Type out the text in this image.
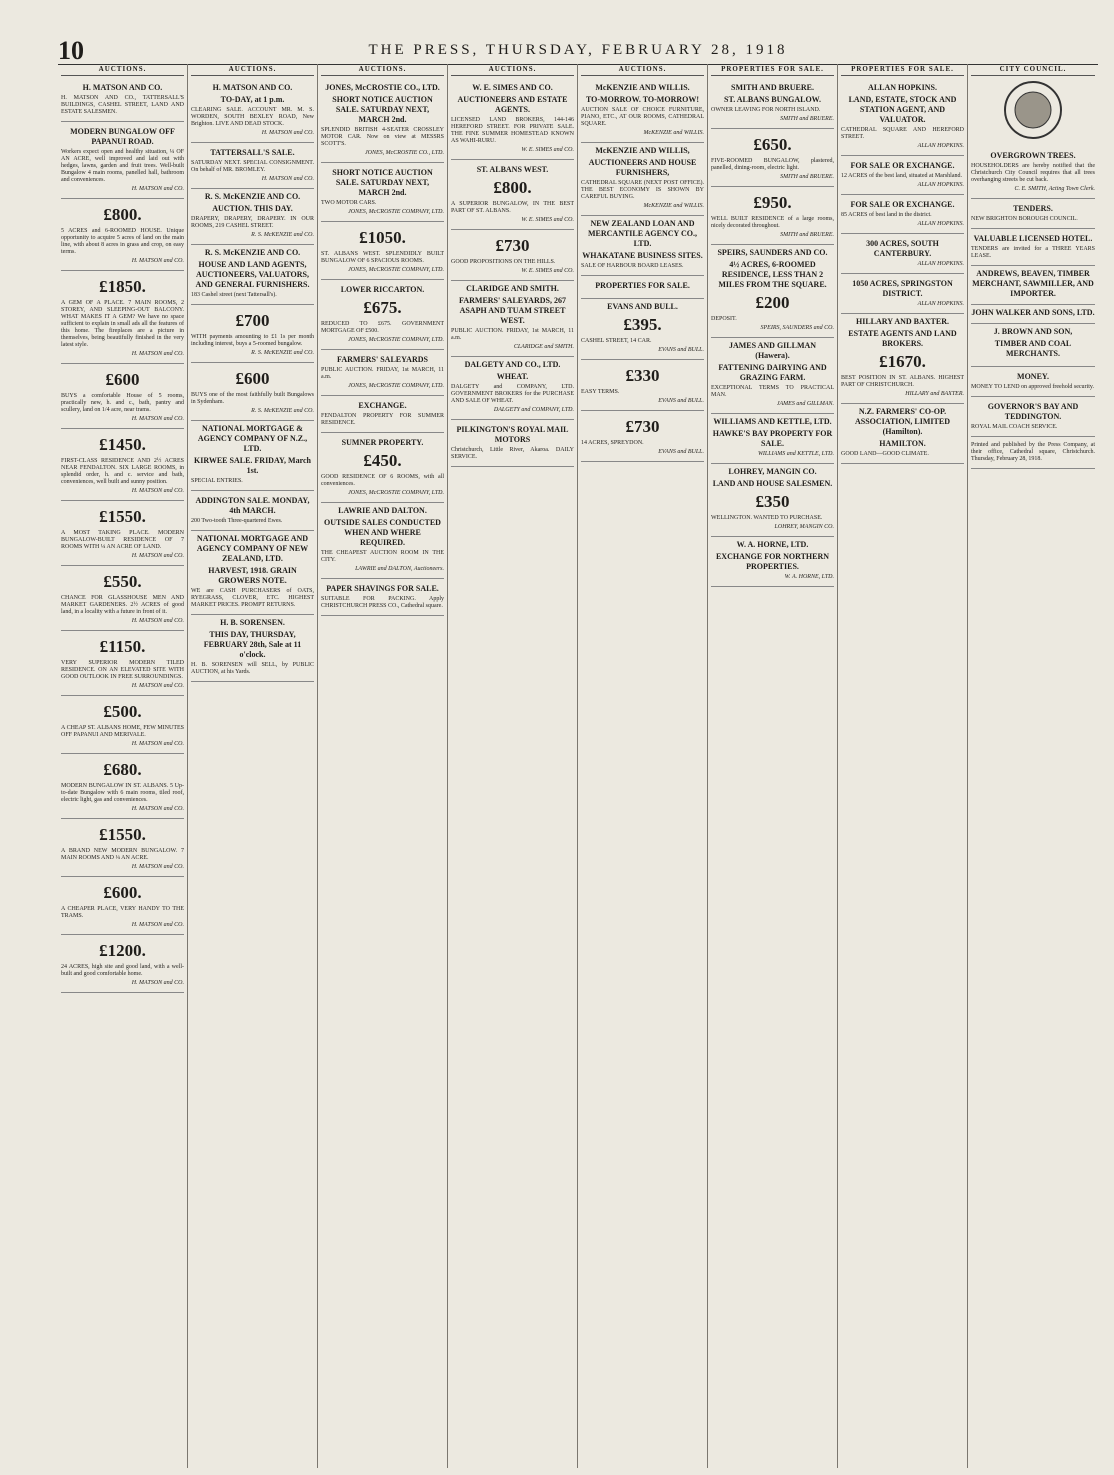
10	THE PRESS, THURSDAY, FEBRUARY 28, 1918
AUCTIONS.
H. MATSON AND CO.
H. MATSON AND CO., TATTERSALL'S BUILDINGS, CASHEL STREET, LAND AND ESTATE SALESMEN.
MODERN BUNGALOW OFF PAPANUI ROAD.
Workers expect open and healthy situation, ¼ OF AN ACRE, well improved and laid out with hedges, lawns, garden and fruit trees. Well-built Bungalow 4 main rooms, panelled hall, bathroom and conveniences.
H. MATSON and CO.
£800.
5 ACRES and 6-ROOMED HOUSE. Unique opportunity to acquire 5 acres of land on the main line, with about 8 acres in grass and crop, on easy terms.
H. MATSON and CO.
£1850.
A GEM OF A PLACE. 7 MAIN ROOMS, 2 STOREY, AND SLEEPING-OUT BALCONY. WHAT MAKES IT A GEM? We have no space sufficient to explain in small ads all the features of this home. The fireplaces are a picture in themselves, being beautifully finished in the very latest style.
H. MATSON and CO.
£600
BUYS a comfortable House of 5 rooms, practically new, h. and c., bath, pantry and scullery, land on 1/4 acre, near trams.
H. MATSON and CO.
£1450.
FIRST-CLASS RESIDENCE AND 2½ ACRES NEAR FENDALTON. SIX LARGE ROOMS, in splendid order, h. and c. service and bath, conveniences, well built and sunny position.
H. MATSON and CO.
£1550.
A MOST TAKING PLACE. MODERN BUNGALOW-BUILT RESIDENCE OF 7 ROOMS WITH ¼ AN ACRE OF LAND.
H. MATSON and CO.
£550.
CHANCE FOR GLASSHOUSE MEN AND MARKET GARDENERS. 2½ ACRES of good land, in a locality with a future in front of it.
H. MATSON and CO.
£1150.
VERY SUPERIOR MODERN TILED RESIDENCE. ON AN ELEVATED SITE WITH GOOD OUTLOOK IN FREE SURROUNDINGS.
H. MATSON and CO.
£500.
A CHEAP ST. ALBANS HOME, FEW MINUTES OFF PAPANUI AND MERIVALE.
H. MATSON and CO.
£680.
MODERN BUNGALOW IN ST. ALBANS. 5 Up-to-date Bungalow with 6 main rooms, tiled roof, electric light, gas and conveniences.
H. MATSON and CO.
£1550.
A BRAND NEW MODERN BUNGALOW. 7 MAIN ROOMS AND ¼ AN ACRE.
H. MATSON and CO.
£600.
A CHEAPER PLACE, VERY HANDY TO THE TRAMS.
H. MATSON and CO.
£1200.
24 ACRES, high site and good land, with a well-built and good comfortable home.
H. MATSON and CO.
AUCTIONS.
H. MATSON AND CO.
TO-DAY, at 1 p.m.
CLEARING SALE. ACCOUNT MR. M. S. WORDEN, SOUTH BEXLEY ROAD, New Brighton. LIVE AND DEAD STOCK.
H. MATSON and CO.
TATTERSALL'S SALE.
SATURDAY NEXT. SPECIAL CONSIGNMENT. On behalf of MR. BROMLEY.
H. MATSON and CO.
R. S. McKENZIE AND CO.
AUCTION. THIS DAY.
DRAPERY, DRAPERY, DRAPERY. IN OUR ROOMS, 219 CASHEL STREET.
R. S. McKENZIE and CO.
R. S. McKENZIE AND CO.
HOUSE AND LAND AGENTS, AUCTIONEERS, VALUATORS, AND GENERAL FURNISHERS.
183 Cashel street (next Tattersall's).
£700
WITH payments amounting to £1 1s per month including interest, buys a 5-roomed bungalow.
R. S. McKENZIE and CO.
£600
BUYS one of the most faithfully built Bungalows in Sydenham.
R. S. McKENZIE and CO.
NATIONAL MORTGAGE & AGENCY COMPANY OF N.Z., LTD.
KIRWEE SALE. FRIDAY, March 1st.
SPECIAL ENTRIES.
ADDINGTON SALE. MONDAY, 4th MARCH.
200 Two-tooth Three-quartered Ewes.
NATIONAL MORTGAGE AND AGENCY COMPANY OF NEW ZEALAND, LTD.
HARVEST, 1918. GRAIN GROWERS NOTE.
WE are CASH PURCHASERS of OATS, RYEGRASS, CLOVER, ETC. HIGHEST MARKET PRICES. PROMPT RETURNS.
H. B. SORENSEN.
THIS DAY, THURSDAY, FEBRUARY 28th, Sale at 11 o'clock.
H. B. SORENSEN will SELL, by PUBLIC AUCTION, at his Yards.
AUCTIONS.
JONES, McCROSTIE CO., LTD.
SHORT NOTICE AUCTION SALE. SATURDAY NEXT, MARCH 2nd.
SPLENDID BRITISH 4-SEATER CROSSLEY MOTOR CAR. Now on view at MESSRS SCOTT'S.
JONES, McCROSTIE CO., LTD.
SHORT NOTICE AUCTION SALE. SATURDAY NEXT, MARCH 2nd.
TWO MOTOR CARS.
JONES, McCROSTIE COMPANY, LTD.
£1050.
ST. ALBANS WEST. SPLENDIDLY BUILT BUNGALOW OF 6 SPACIOUS ROOMS.
JONES, McCROSTIE COMPANY, LTD.
LOWER RICCARTON.
£675.
REDUCED TO £675. GOVERNMENT MORTGAGE OF £500.
JONES, McCROSTIE COMPANY, LTD.
FARMERS' SALEYARDS
PUBLIC AUCTION. FRIDAY, 1st MARCH, 11 a.m.
JONES, McCROSTIE COMPANY, LTD.
EXCHANGE.
FENDALTON PROPERTY FOR SUMMER RESIDENCE.
SUMNER PROPERTY.
£450.
GOOD RESIDENCE OF 6 ROOMS, with all conveniences.
JONES, McCROSTIE COMPANY, LTD.
LAWRIE AND DALTON.
OUTSIDE SALES CONDUCTED WHEN AND WHERE REQUIRED.
THE CHEAPEST AUCTION ROOM IN THE CITY.
LAWRIE and DALTON, Auctioneers.
PAPER SHAVINGS FOR SALE.
SUITABLE FOR PACKING. Apply CHRISTCHURCH PRESS CO., Cathedral square.
AUCTIONS.
W. E. SIMES AND CO.
AUCTIONEERS AND ESTATE AGENTS.
LICENSED LAND BROKERS, 144-146 HEREFORD STREET. FOR PRIVATE SALE. THE FINE SUMMER HOMESTEAD KNOWN AS WAHI-RURU.
W. E. SIMES and CO.
ST. ALBANS WEST.
£800.
A SUPERIOR BUNGALOW, IN THE BEST PART OF ST. ALBANS.
W. E. SIMES and CO.
£730
GOOD PROPOSITIONS ON THE HILLS.
W. E. SIMES and CO.
CLARIDGE AND SMITH.
FARMERS' SALEYARDS, 267 ASAPH AND TUAM STREET WEST.
PUBLIC AUCTION. FRIDAY, 1st MARCH, 11 a.m.
CLARIDGE and SMITH.
DALGETY AND CO., LTD.
WHEAT.
DALGETY and COMPANY, LTD. GOVERNMENT BROKERS for the PURCHASE AND SALE OF WHEAT.
DALGETY and COMPANY, LTD.
PILKINGTON'S ROYAL MAIL MOTORS
Christchurch, Little River, Akaroa. DAILY SERVICE.
AUCTIONS.
McKENZIE AND WILLIS.
TO-MORROW. TO-MORROW!
AUCTION SALE OF CHOICE FURNITURE, PIANO, ETC., AT OUR ROOMS, CATHEDRAL SQUARE.
McKENZIE and WILLIS.
McKENZIE AND WILLIS,
AUCTIONEERS AND HOUSE FURNISHERS,
CATHEDRAL SQUARE (NEXT POST OFFICE). THE BEST ECONOMY IS SHOWN BY CAREFUL BUYING.
McKENZIE and WILLIS.
NEW ZEALAND LOAN AND MERCANTILE AGENCY CO., LTD.
WHAKATANE BUSINESS SITES.
SALE OF HARBOUR BOARD LEASES.
PROPERTIES FOR SALE.
EVANS AND BULL.
£395.
CASHEL STREET, 14 CAR.
EVANS and BULL.
£330
EASY TERMS.
EVANS and BULL.
£730
14 ACRES, SPREYDON.
EVANS and BULL.
PROPERTIES FOR SALE.
SMITH AND BRUERE.
ST. ALBANS BUNGALOW.
OWNER LEAVING FOR NORTH ISLAND.
SMITH and BRUERE.
£650.
FIVE-ROOMED BUNGALOW, plastered, panelled, dining-room, electric light.
SMITH and BRUERE.
£950.
WELL BUILT RESIDENCE of a large rooms, nicely decorated throughout.
SMITH and BRUERE.
SPEIRS, SAUNDERS AND CO.
4½ ACRES, 6-ROOMED RESIDENCE, LESS THAN 2 MILES FROM THE SQUARE.
£200
DEPOSIT.
SPEIRS, SAUNDERS and CO.
JAMES AND GILLMAN (Hawera).
FATTENING DAIRYING AND GRAZING FARM.
EXCEPTIONAL TERMS TO PRACTICAL MAN.
JAMES and GILLMAN.
WILLIAMS AND KETTLE, LTD.
HAWKE'S BAY PROPERTY FOR SALE.
WILLIAMS and KETTLE, LTD.
LOHREY, MANGIN CO.
LAND AND HOUSE SALESMEN.
£350
WELLINGTON. WANTED TO PURCHASE.
LOHREY, MANGIN CO.
W. A. HORNE, LTD.
EXCHANGE FOR NORTHERN PROPERTIES.
W. A. HORNE, LTD.
PROPERTIES FOR SALE.
ALLAN HOPKINS.
LAND, ESTATE, STOCK AND STATION AGENT, AND VALUATOR.
CATHEDRAL SQUARE AND HEREFORD STREET.
ALLAN HOPKINS.
FOR SALE OR EXCHANGE.
12 ACRES of the best land, situated at Marshland.
ALLAN HOPKINS.
FOR SALE OR EXCHANGE.
85 ACRES of best land in the district.
ALLAN HOPKINS.
300 ACRES, SOUTH CANTERBURY.
ALLAN HOPKINS.
1050 ACRES, SPRINGSTON DISTRICT.
ALLAN HOPKINS.
HILLARY AND BAXTER.
ESTATE AGENTS AND LAND BROKERS.
£1670.
BEST POSITION IN ST. ALBANS. HIGHEST PART OF CHRISTCHURCH.
HILLARY and BAXTER.
N.Z. FARMERS' CO-OP. ASSOCIATION, LIMITED (Hamilton).
HAMILTON.
GOOD LAND—GOOD CLIMATE.
CITY COUNCIL.
OVERGROWN TREES.
HOUSEHOLDERS are hereby notified that the Christchurch City Council requires that all trees overhanging streets be cut back.
C. E. SMITH, Acting Town Clerk.
TENDERS.
NEW BRIGHTON BOROUGH COUNCIL.
VALUABLE LICENSED HOTEL.
TENDERS are invited for a THREE YEARS LEASE.
ANDREWS, BEAVEN, TIMBER MERCHANT, SAWMILLER, AND IMPORTER.
JOHN WALKER AND SONS, LTD.
J. BROWN AND SON,
TIMBER AND COAL MERCHANTS.
MONEY.
MONEY TO LEND on approved freehold security.
GOVERNOR'S BAY AND TEDDINGTON.
ROYAL MAIL COACH SERVICE.
Printed and published by the Press Company, at their office, Cathedral square, Christchurch. Thursday, February 28, 1918.
